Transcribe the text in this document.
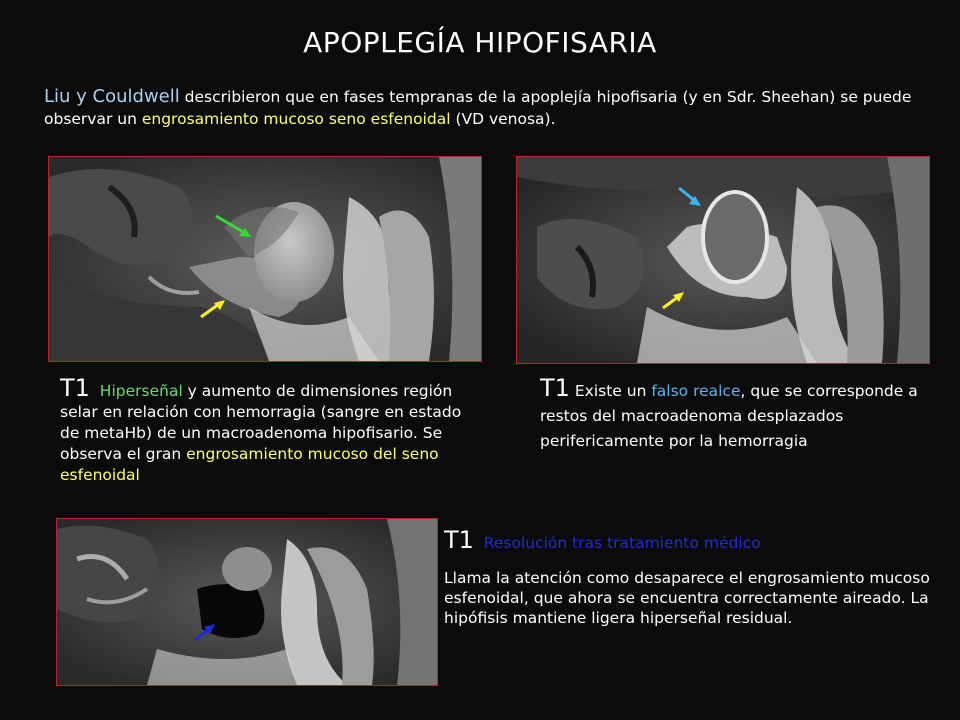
APOPLEGÍA HIPOFISARIA
Liu y Couldwell describieron que en fases tempranas de la apoplejía hipofisaria (y en Sdr. Sheehan) se puede
observar un engrosamiento mucoso seno esfenoidal (VD venosa).
T1 Hiperseñal y aumento de dimensiones región selar en relación con hemorragia (sangre en estado de metaHb) de un macroadenoma hipofisario. Se observa el gran engrosamiento mucoso del seno esfenoidal
T1 Existe un falso realce, que se corresponde a restos del macroadenoma desplazados perifericamente por la hemorragia
T1 Resolución tras tratamiento médico
Llama la atención como desaparece el engrosamiento mucoso esfenoidal, que ahora se encuentra correctamente aireado. La hipófisis mantiene ligera hiperseñal residual.
